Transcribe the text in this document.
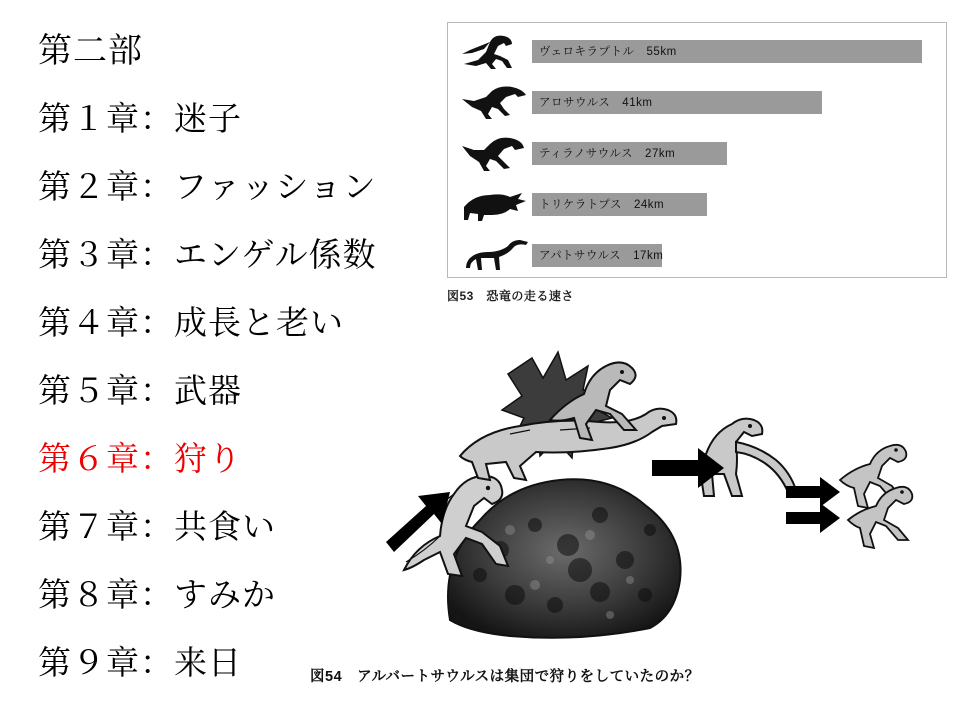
第二部
第１章：迷子
第２章：ファッション
第３章：エンゲル係数
第４章：成長と老い
第５章：武器
第６章：狩り
第７章：共食い
第８章：すみか
第９章：来日
ヴェロキラプトル　55km
アロサウルス　41km
ティラノサウルス　27km
トリケラトプス　24km
アパトサウルス　17km
図53　恐竜の走る速さ
図54　アルバートサウルスは集団で狩りをしていたのか？
